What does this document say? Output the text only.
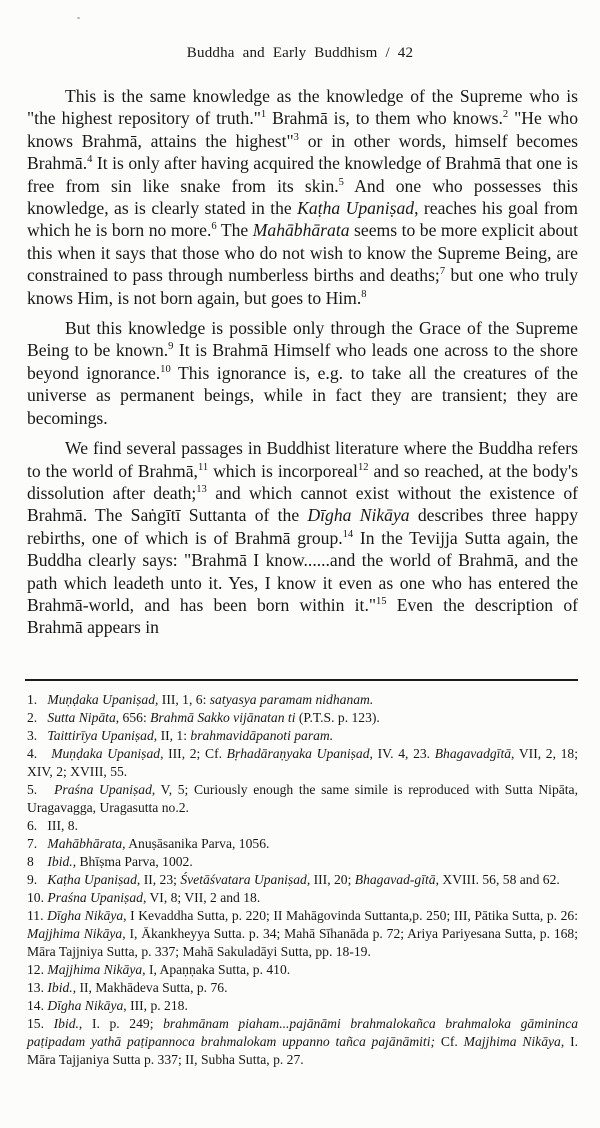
Buddha and Early Buddhism / 42

This is the same knowledge as the knowledge of the Supreme who is "the highest repository of truth."$^1$ Brahmā is, to them who knows.$^2$ "He who knows Brahmā, attains the highest"$^3$ or in other words, himself becomes Brahmā.$^4$ It is only after having acquired the knowledge of Brahmā that one is free from sin like snake from its skin.$^5$ And one who possesses this knowledge, as is clearly stated in the Kaṭha Upaniṣad, reaches his goal from which he is born no more.$^6$ The Mahābhārata seems to be more explicit about this when it says that those who do not wish to know the Supreme Being, are constrained to pass through numberless births and deaths;$^7$ but one who truly knows Him, is not born again, but goes to Him.$^8$

But this knowledge is possible only through the Grace of the Supreme Being to be known.$^9$ It is Brahmā Himself who leads one across to the shore beyond ignorance.$^{10}$ This ignorance is, e.g. to take all the creatures of the universe as permanent beings, while in fact they are transient; they are becomings.

We find several passages in Buddhist literature where the Buddha refers to the world of Brahmā,$^{11}$ which is incorporeal$^{12}$ and so reached, at the body's dissolution after death;$^{13}$ and which cannot exist without the existence of Brahmā. The Saṅgītī Suttanta of the Dīgha Nikāya describes three happy rebirths, one of which is of Brahmā group.$^{14}$ In the Tevijja Sutta again, the Buddha clearly says: "Brahmā I know......and the world of Brahmā, and the path which leadeth unto it. Yes, I know it even as one who has entered the Brahmā-world, and has been born within it."$^{15}$ Even the description of Brahmā appears in

1.   Muṇḍaka Upaniṣad, III, 1, 6: satyasya paramam nidhanam.

2.   Sutta Nipāta, 656: Brahmā Sakko vijānatan ti (P.T.S. p. 123).

3.   Taittirīya Upaniṣad, II, 1: brahmavidāpanoti param.

4.   Muṇḍaka Upaniṣad, III, 2; Cf. Bṛhadāraṇyaka Upaniṣad, IV. 4, 23. Bhagavadgītā, VII, 2, 18; XIV, 2; XVIII, 55.

5.   Praśna Upaniṣad, V, 5; Curiously enough the same simile is reproduced with Sutta Nipāta, Uragavagga, Uragasutta no.2.

6.   III, 8.

7.   Mahābhārata, Anuṣāsanika Parva, 1056.

8    Ibid., Bhīṣma Parva, 1002.

9.   Kaṭha Upaniṣad, II, 23; Śvetāśvatara Upaniṣad, III, 20; Bhagavad-gītā, XVIII. 56, 58 and 62.

10. Praśna Upaniṣad, VI, 8; VII, 2 and 18.

11. Dīgha Nikāya, I Kevaddha Sutta, p. 220; II Mahāgovinda Suttanta,p. 250; III, Pātika Sutta, p. 26: Majjhima Nikāya, I, Ākankheyya Sutta. p. 34; Mahā Sīhanāda p. 72; Ariya Pariyesana Sutta, p. 168; Māra Tajjniya Sutta, p. 337; Mahā Sakuladāyi Sutta, pp. 18-19.

12. Majjhima Nikāya, I, Apaṇṇaka Sutta, p. 410.

13. Ibid., II, Makhādeva Sutta, p. 76.

14. Dīgha Nikāya, III, p. 218.

15. Ibid., I. p. 249; brahmānam piaham...pajānāmi brahmalokañca brahmaloka gāmininca paṭipadam yathā paṭipannoca brahmalokam uppanno tañca pajānāmiti; Cf. Majjhima Nikāya, I. Māra Tajjaniya Sutta p. 337; II, Subha Sutta, p. 27.
